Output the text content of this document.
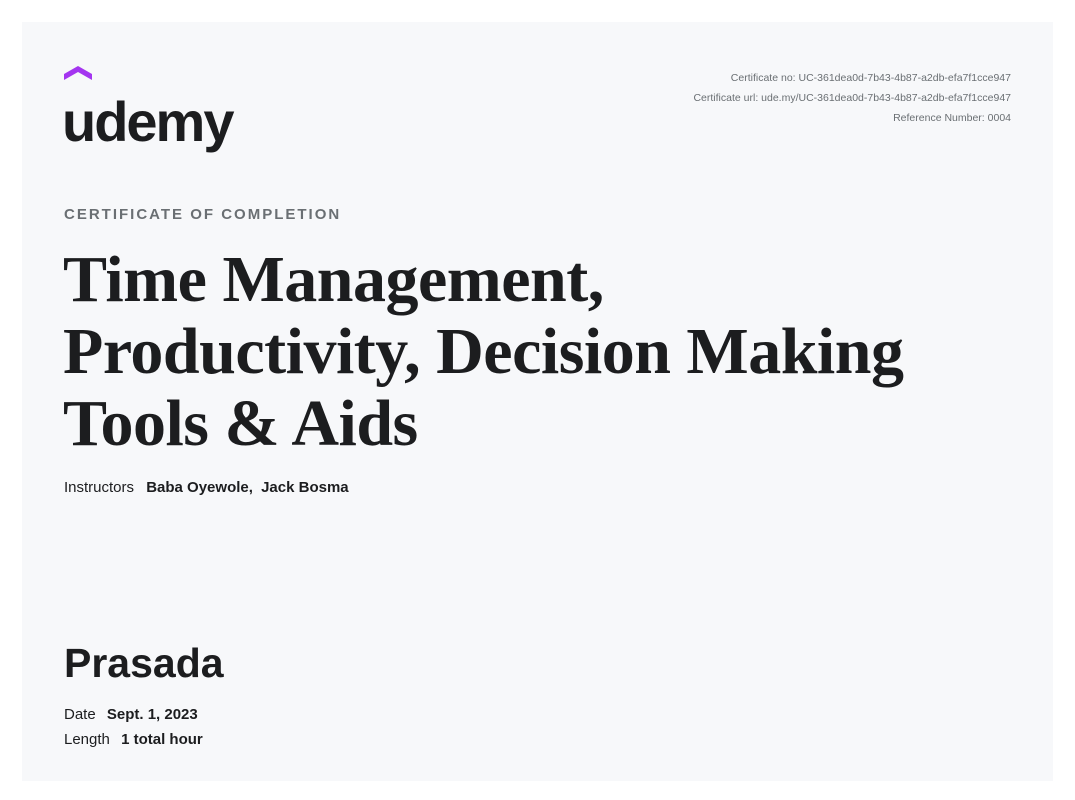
udemy
Certificate no: UC-361dea0d-7b43-4b87-a2db-efa7f1cce947
Certificate url: ude.my/UC-361dea0d-7b43-4b87-a2db-efa7f1cce947
Reference Number: 0004
CERTIFICATE OF COMPLETION
Time Management,
Productivity, Decision Making
Tools & Aids
Instructors Baba Oyewole, Jack Bosma
Prasada
Date Sept. 1, 2023
Length 1 total hour
